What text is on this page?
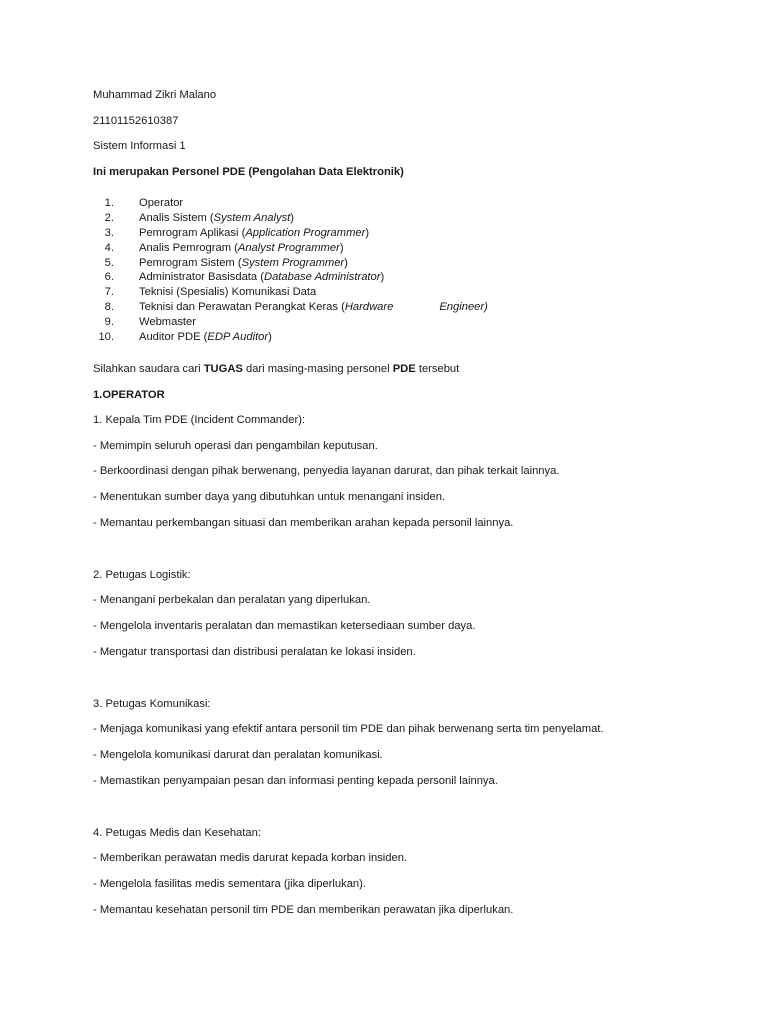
Muhammad Zikri Malano
21101152610387
Sistem Informasi 1
Ini merupakan Personel PDE (Pengolahan Data Elektronik)
1. Operator
2. Analis Sistem (System Analyst)
3. Pemrogram Aplikasi (Application Programmer)
4. Analis Pemrogram (Analyst Programmer)
5. Pemrogram Sistem (System Programmer)
6. Administrator Basisdata (Database Administrator)
7. Teknisi (Spesialis) Komunikasi Data
8. Teknisi dan Perawatan Perangkat Keras (Hardware	Engineer)
9. Webmaster
10. Auditor PDE (EDP Auditor)
Silahkan saudara cari TUGAS dari masing-masing personel PDE tersebut
1.OPERATOR
1. Kepala Tim PDE (Incident Commander):
- Memimpin seluruh operasi dan pengambilan keputusan.
- Berkoordinasi dengan pihak berwenang, penyedia layanan darurat, dan pihak terkait lainnya.
- Menentukan sumber daya yang dibutuhkan untuk menangani insiden.
- Memantau perkembangan situasi dan memberikan arahan kepada personil lainnya.
2. Petugas Logistik:
- Menangani perbekalan dan peralatan yang diperlukan.
- Mengelola inventaris peralatan dan memastikan ketersediaan sumber daya.
- Mengatur transportasi dan distribusi peralatan ke lokasi insiden.
3. Petugas Komunikasi:
- Menjaga komunikasi yang efektif antara personil tim PDE dan pihak berwenang serta tim penyelamat.
- Mengelola komunikasi darurat dan peralatan komunikasi.
- Memastikan penyampaian pesan dan informasi penting kepada personil lainnya.
4. Petugas Medis dan Kesehatan:
- Memberikan perawatan medis darurat kepada korban insiden.
- Mengelola fasilitas medis sementara (jika diperlukan).
- Memantau kesehatan personil tim PDE dan memberikan perawatan jika diperlukan.
